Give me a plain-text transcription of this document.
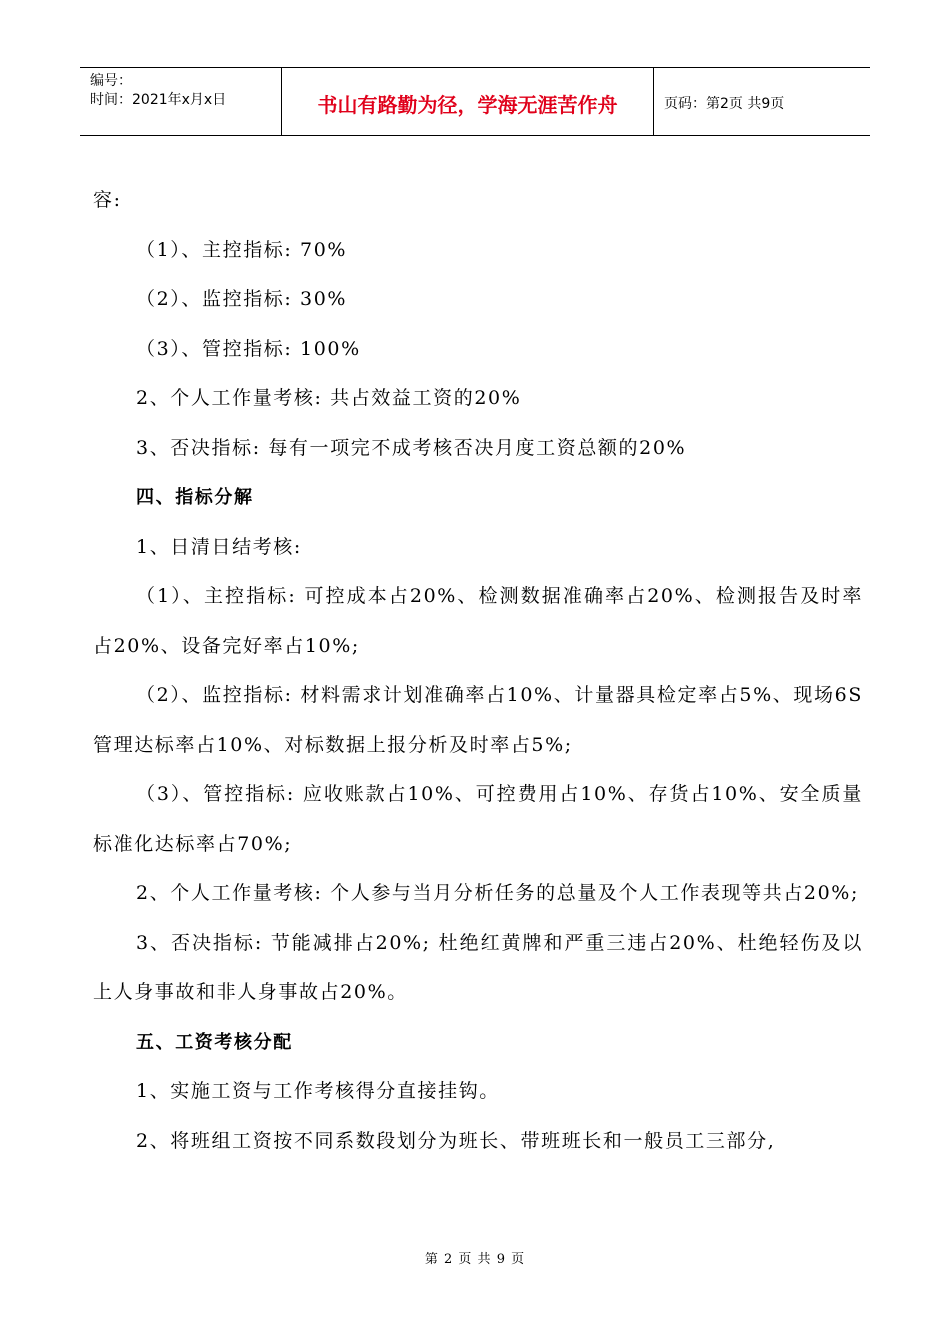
编号：
时间：2021年x月x日	书山有路勤为径，学海无涯苦作舟	页码：第2页 共9页

容:

（1）、主控指标: 70%

（2）、监控指标: 30%

（3）、管控指标: 100%

2、个人工作量考核: 共占效益工资的20%

3、否决指标: 每有一项完不成考核否决月度工资总额的20%

四、指标分解

1、日清日结考核:

（1）、主控指标: 可控成本占20%、检测数据准确率占20%、检测报告及时率占20%、设备完好率占10%;

（2）、监控指标: 材料需求计划准确率占10%、计量器具检定率占5%、现场6S管理达标率占10%、对标数据上报分析及时率占5%;

（3）、管控指标: 应收账款占10%、可控费用占10%、存货占10%、安全质量标准化达标率占70%;

2、个人工作量考核: 个人参与当月分析任务的总量及个人工作表现等共占20%;

3、否决指标: 节能减排占20%; 杜绝红黄牌和严重三违占20%、杜绝轻伤及以上人身事故和非人身事故占20%。

五、工资考核分配

1、实施工资与工作考核得分直接挂钩。

2、将班组工资按不同系数段划分为班长、带班班长和一般员工三部分,

第 2 页 共 9 页
